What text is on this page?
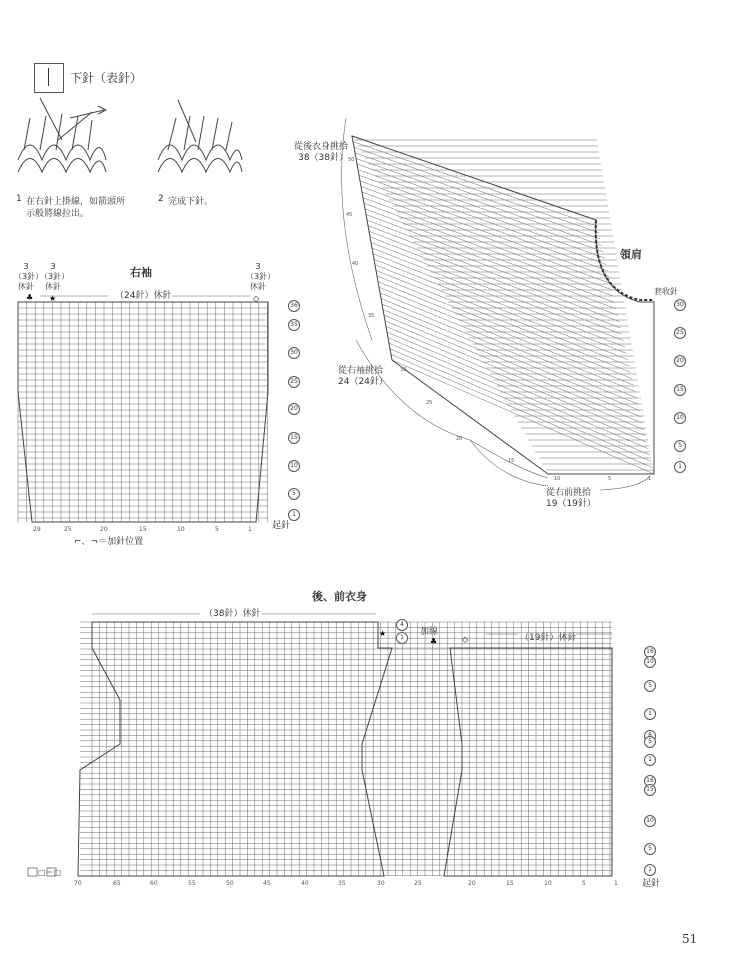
下針（表針）
1 在右針上掛線，如箭頭所
示般將線拉出。
2 完成下針。
右袖
3
（3針）
休針
3
（3針）
休針
3
（3針）
休針
（24針）休針
♣ ★	◇
36
35
30
25
20
15
10
5
1
起針
29	25	20	15	10	5	1
⌐、¬＝加針位置
從後衣身挑拾
38（38針）
從右袖挑拾
24（24針）
從右前挑拾
19（19針）
領肩
套收針
30
25
20
15
10
5
1
50
45
40
35
30
25
20
15
10	5	1
後、前衣身
（38針）休針
（19針）休針
加線
★
♣	◇
4
1
16
10
5
1
5
1
16
15
10
5
1
起針
70	65	60	55	50	45	40	35	30	25	20	15	10	5	1
□＝□
51
